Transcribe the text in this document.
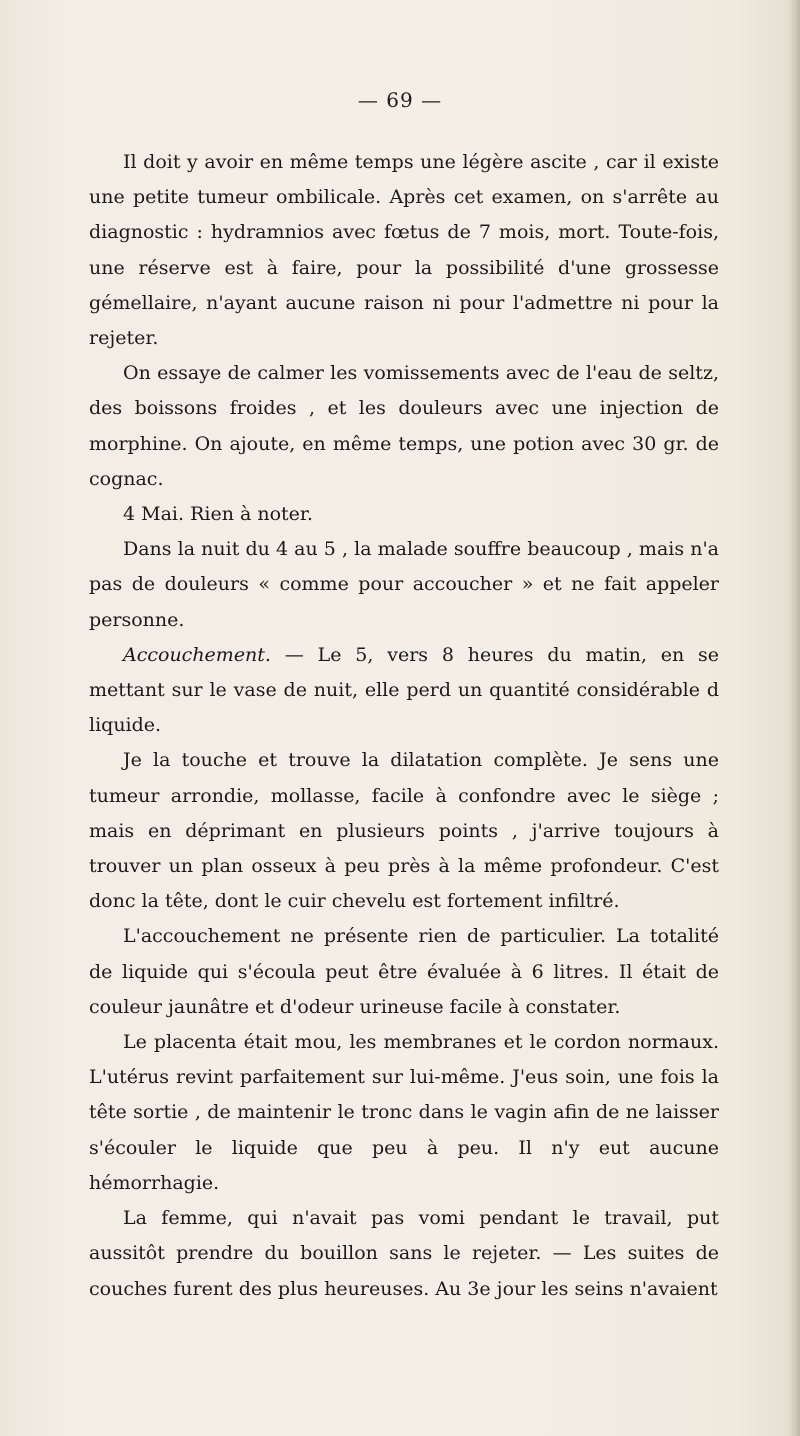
— 69 —

Il doit y avoir en même temps une légère ascite , car il existe une petite tumeur ombilicale. Après cet examen, on s'arrête au diagnostic : hydramnios avec fœtus de 7 mois, mort. Toute-fois, une réserve est à faire, pour la possibilité d'une grossesse gémellaire, n'ayant aucune raison ni pour l'admettre ni pour la rejeter.

On essaye de calmer les vomissements avec de l'eau de seltz, des boissons froides , et les douleurs avec une injection de morphine. On ajoute, en même temps, une potion avec 30 gr. de cognac.

4 Mai. Rien à noter.

Dans la nuit du 4 au 5 , la malade souffre beaucoup , mais n'a pas de douleurs « comme pour accoucher » et ne fait appeler personne.

Accouchement. — Le 5, vers 8 heures du matin, en se mettant sur le vase de nuit, elle perd un quantité considérable d liquide.

Je la touche et trouve la dilatation complète. Je sens une tumeur arrondie, mollasse, facile à confondre avec le siège ; mais en déprimant en plusieurs points , j'arrive toujours à trouver un plan osseux à peu près à la même profondeur. C'est donc la tête, dont le cuir chevelu est fortement infiltré.

L'accouchement ne présente rien de particulier. La totalité de liquide qui s'écoula peut être évaluée à 6 litres. Il était de couleur jaunâtre et d'odeur urineuse facile à constater.

Le placenta était mou, les membranes et le cordon normaux. L'utérus revint parfaitement sur lui-même. J'eus soin, une fois la tête sortie , de maintenir le tronc dans le vagin afin de ne laisser s'écouler le liquide que peu à peu. Il n'y eut aucune hémorrhagie.

La femme, qui n'avait pas vomi pendant le travail, put aussitôt prendre du bouillon sans le rejeter. — Les suites de couches furent des plus heureuses. Au 3e jour les seins n'avaient
